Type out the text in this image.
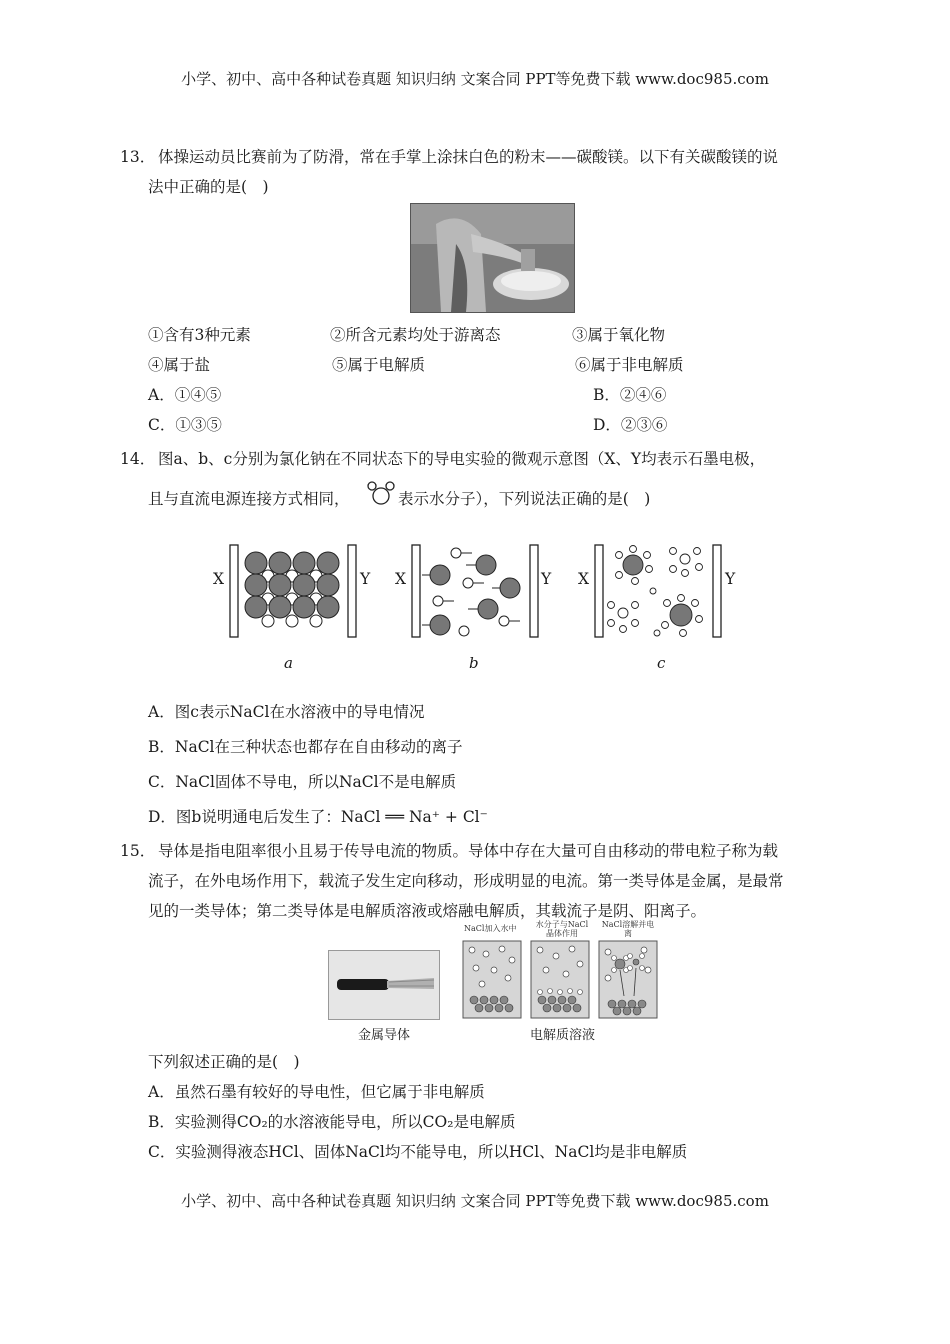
小学、初中、高中各种试卷真题 知识归纳 文案合同 PPT等免费下载 www.doc985.com
13． 体操运动员比赛前为了防滑，常在手掌上涂抹白色的粉末——碳酸镁。以下有关碳酸镁的说
法中正确的是(　)
①含有3种元素	②所含元素均处于游离态	③属于氧化物
④属于盐	⑤属于电解质	⑥属于非电解质
A．①④⑤	B．②④⑥
C．①③⑤	D．②③⑥
14． 图a、b、c分别为氯化钠在不同状态下的导电实验的微观示意图（X、Y均表示石墨电极，
且与直流电源连接方式相同，	表示水分子），下列说法正确的是(　)
X	Y
a
X	Y
b
X	Y
c
A．图c表示NaCl在水溶液中的导电情况
B．NaCl在三种状态也都存在自由移动的离子
C．NaCl固体不导电，所以NaCl不是电解质
D．图b说明通电后发生了：NaCl ══ Na⁺ + Cl⁻
15． 导体是指电阻率很小且易于传导电流的物质。导体中存在大量可自由移动的带电粒子称为载
流子，在外电场作用下，载流子发生定向移动，形成明显的电流。第一类导体是金属，是最常
见的一类导体；第二类导体是电解质溶液或熔融电解质，其载流子是阴、阳离子。
金属导体
NaCl加入水中	水分子与NaCl晶体作用
NaCl溶解并电离
电解质溶液
下列叙述正确的是(　)
A．虽然石墨有较好的导电性，但它属于非电解质
B．实验测得CO₂的水溶液能导电，所以CO₂是电解质
C．实验测得液态HCl、固体NaCl均不能导电，所以HCl、NaCl均是非电解质
小学、初中、高中各种试卷真题 知识归纳 文案合同 PPT等免费下载 www.doc985.com
